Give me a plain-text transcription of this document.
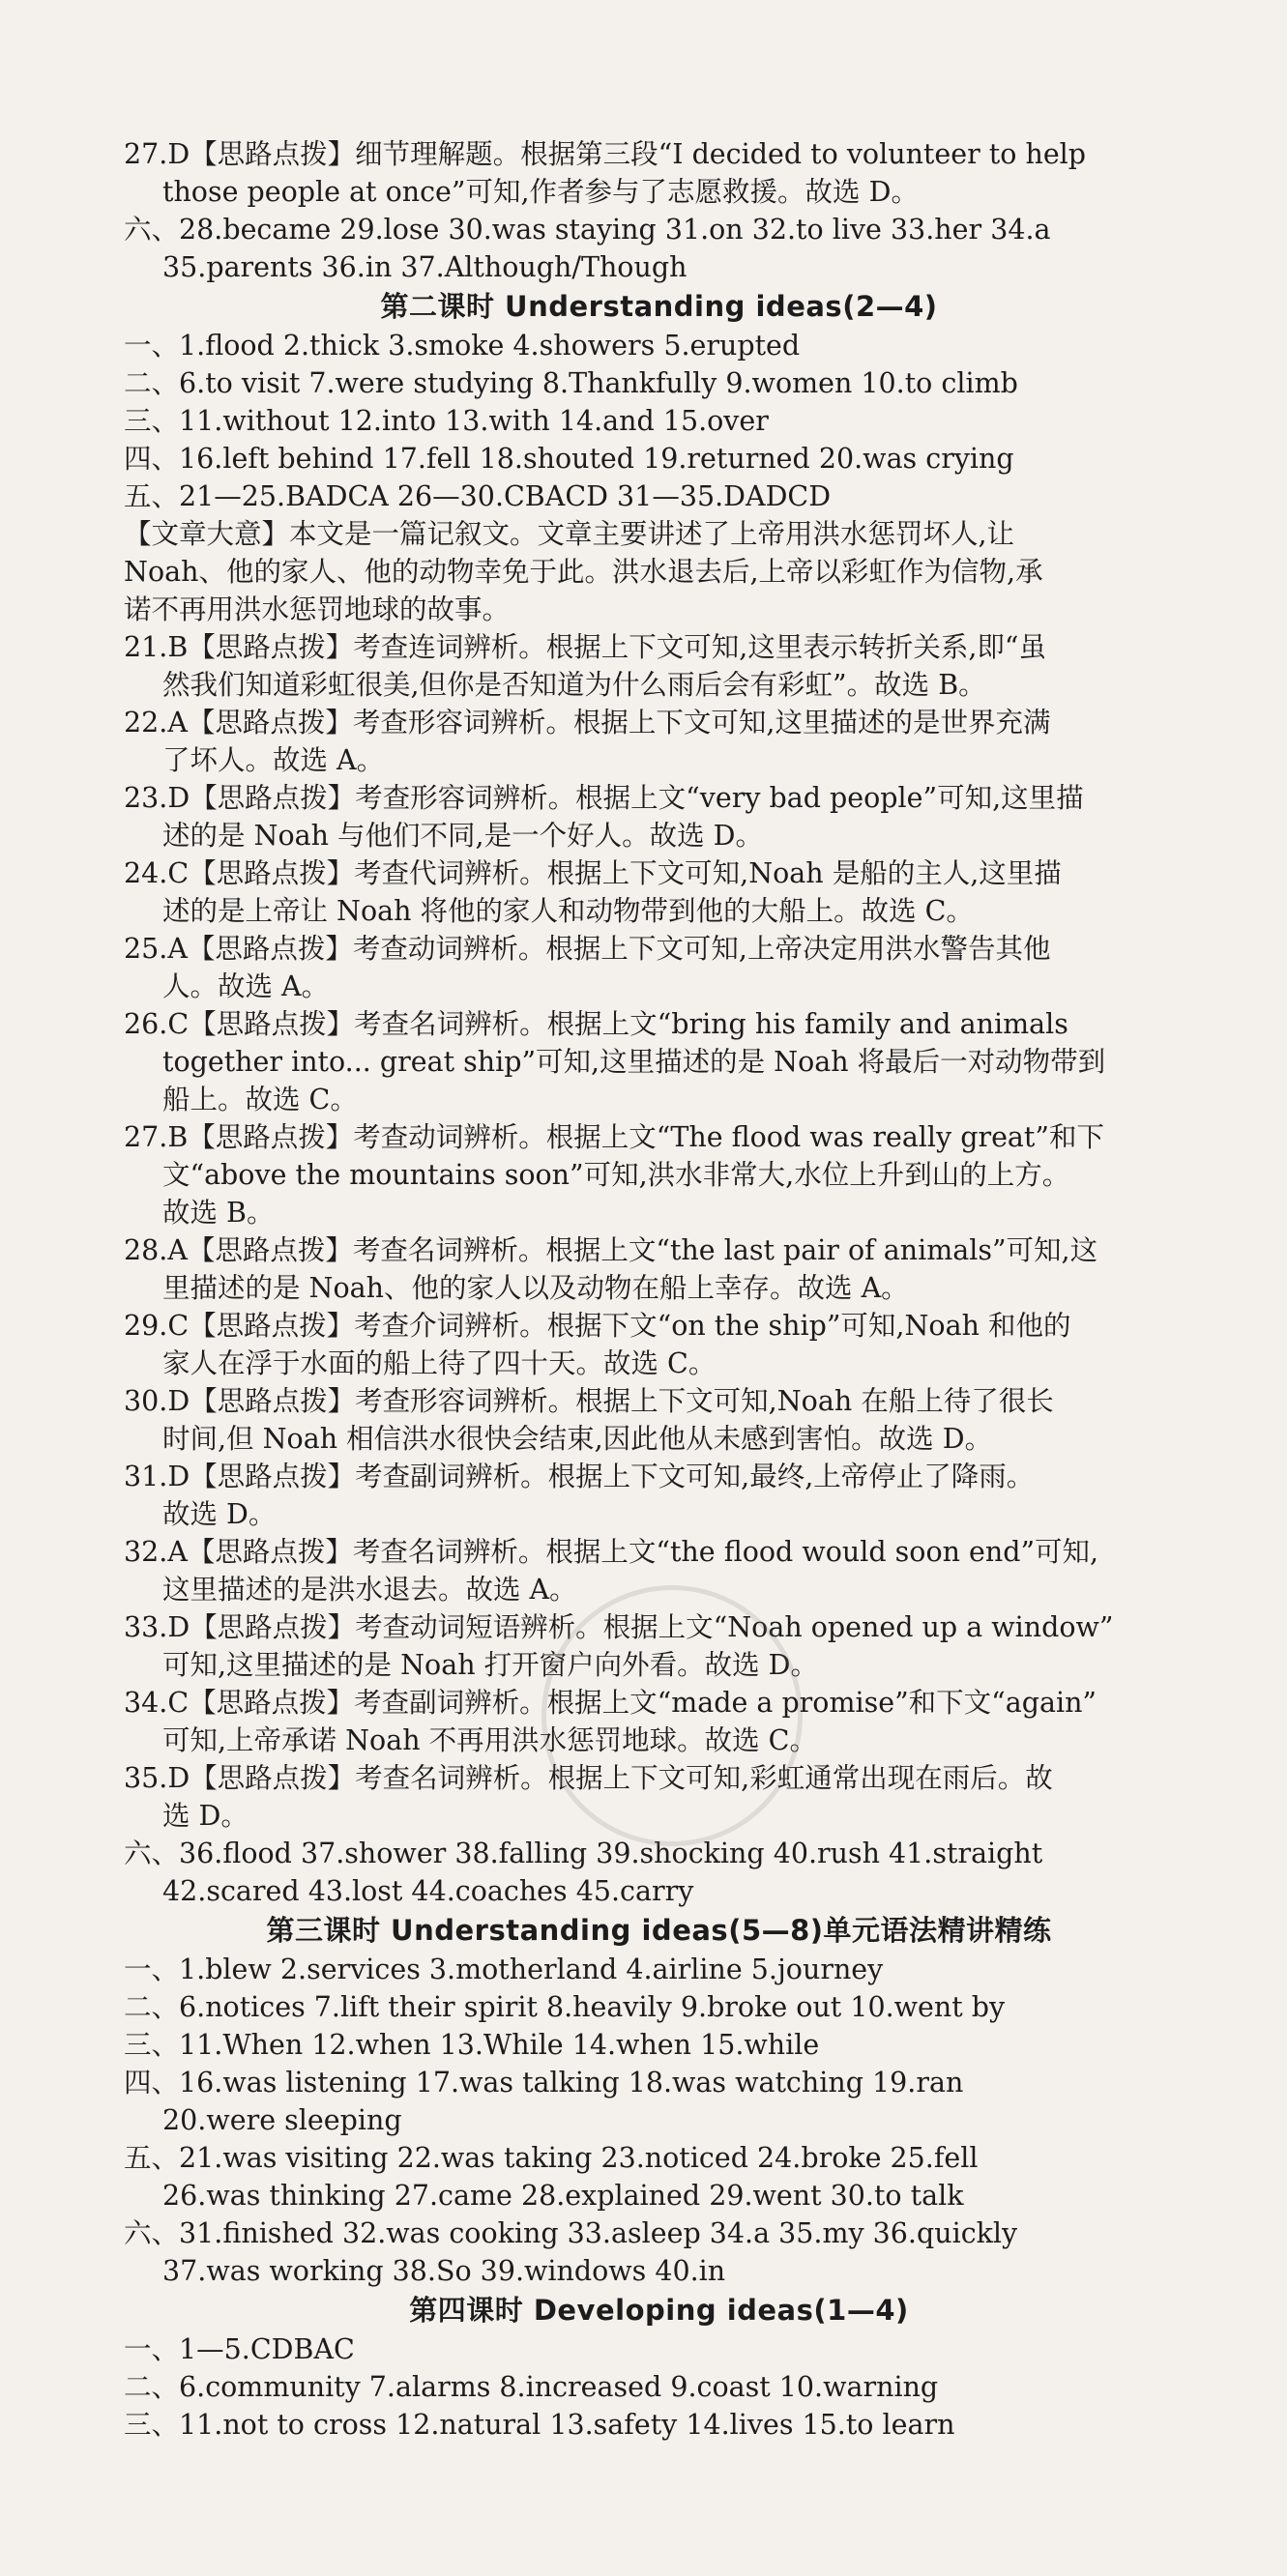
27.D【思路点拨】细节理解题。根据第三段“I decided to volunteer to help
those people at once”可知,作者参与了志愿救援。故选 D。
六、28.became 29.lose 30.was staying 31.on 32.to live 33.her 34.a
35.parents 36.in 37.Although/Though
第二课时 Understanding ideas(2—4)
一、1.flood 2.thick 3.smoke 4.showers 5.erupted
二、6.to visit 7.were studying 8.Thankfully 9.women 10.to climb
三、11.without 12.into 13.with 14.and 15.over
四、16.left behind 17.fell 18.shouted 19.returned 20.was crying
五、21—25.BADCA 26—30.CBACD 31—35.DADCD
【文章大意】本文是一篇记叙文。文章主要讲述了上帝用洪水惩罚坏人,让
Noah、他的家人、他的动物幸免于此。洪水退去后,上帝以彩虹作为信物,承
诺不再用洪水惩罚地球的故事。
21.B【思路点拨】考查连词辨析。根据上下文可知,这里表示转折关系,即“虽
然我们知道彩虹很美,但你是否知道为什么雨后会有彩虹”。故选 B。
22.A【思路点拨】考查形容词辨析。根据上下文可知,这里描述的是世界充满
了坏人。故选 A。
23.D【思路点拨】考查形容词辨析。根据上文“very bad people”可知,这里描
述的是 Noah 与他们不同,是一个好人。故选 D。
24.C【思路点拨】考查代词辨析。根据上下文可知,Noah 是船的主人,这里描
述的是上帝让 Noah 将他的家人和动物带到他的大船上。故选 C。
25.A【思路点拨】考查动词辨析。根据上下文可知,上帝决定用洪水警告其他
人。故选 A。
26.C【思路点拨】考查名词辨析。根据上文“bring his family and animals
together into... great ship”可知,这里描述的是 Noah 将最后一对动物带到
船上。故选 C。
27.B【思路点拨】考查动词辨析。根据上文“The flood was really great”和下
文“above the mountains soon”可知,洪水非常大,水位上升到山的上方。
故选 B。
28.A【思路点拨】考查名词辨析。根据上文“the last pair of animals”可知,这
里描述的是 Noah、他的家人以及动物在船上幸存。故选 A。
29.C【思路点拨】考查介词辨析。根据下文“on the ship”可知,Noah 和他的
家人在浮于水面的船上待了四十天。故选 C。
30.D【思路点拨】考查形容词辨析。根据上下文可知,Noah 在船上待了很长
时间,但 Noah 相信洪水很快会结束,因此他从未感到害怕。故选 D。
31.D【思路点拨】考查副词辨析。根据上下文可知,最终,上帝停止了降雨。
故选 D。
32.A【思路点拨】考查名词辨析。根据上文“the flood would soon end”可知,
这里描述的是洪水退去。故选 A。
33.D【思路点拨】考查动词短语辨析。根据上文“Noah opened up a window”
可知,这里描述的是 Noah 打开窗户向外看。故选 D。
34.C【思路点拨】考查副词辨析。根据上文“made a promise”和下文“again”
可知,上帝承诺 Noah 不再用洪水惩罚地球。故选 C。
35.D【思路点拨】考查名词辨析。根据上下文可知,彩虹通常出现在雨后。故
选 D。
六、36.flood 37.shower 38.falling 39.shocking 40.rush 41.straight
42.scared 43.lost 44.coaches 45.carry
第三课时 Understanding ideas(5—8)单元语法精讲精练
一、1.blew 2.services 3.motherland 4.airline 5.journey
二、6.notices 7.lift their spirit 8.heavily 9.broke out 10.went by
三、11.When 12.when 13.While 14.when 15.while
四、16.was listening 17.was talking 18.was watching 19.ran
20.were sleeping
五、21.was visiting 22.was taking 23.noticed 24.broke 25.fell
26.was thinking 27.came 28.explained 29.went 30.to talk
六、31.finished 32.was cooking 33.asleep 34.a 35.my 36.quickly
37.was working 38.So 39.windows 40.in
第四课时 Developing ideas(1—4)
一、1—5.CDBAC
二、6.community 7.alarms 8.increased 9.coast 10.warning
三、11.not to cross 12.natural 13.safety 14.lives 15.to learn
